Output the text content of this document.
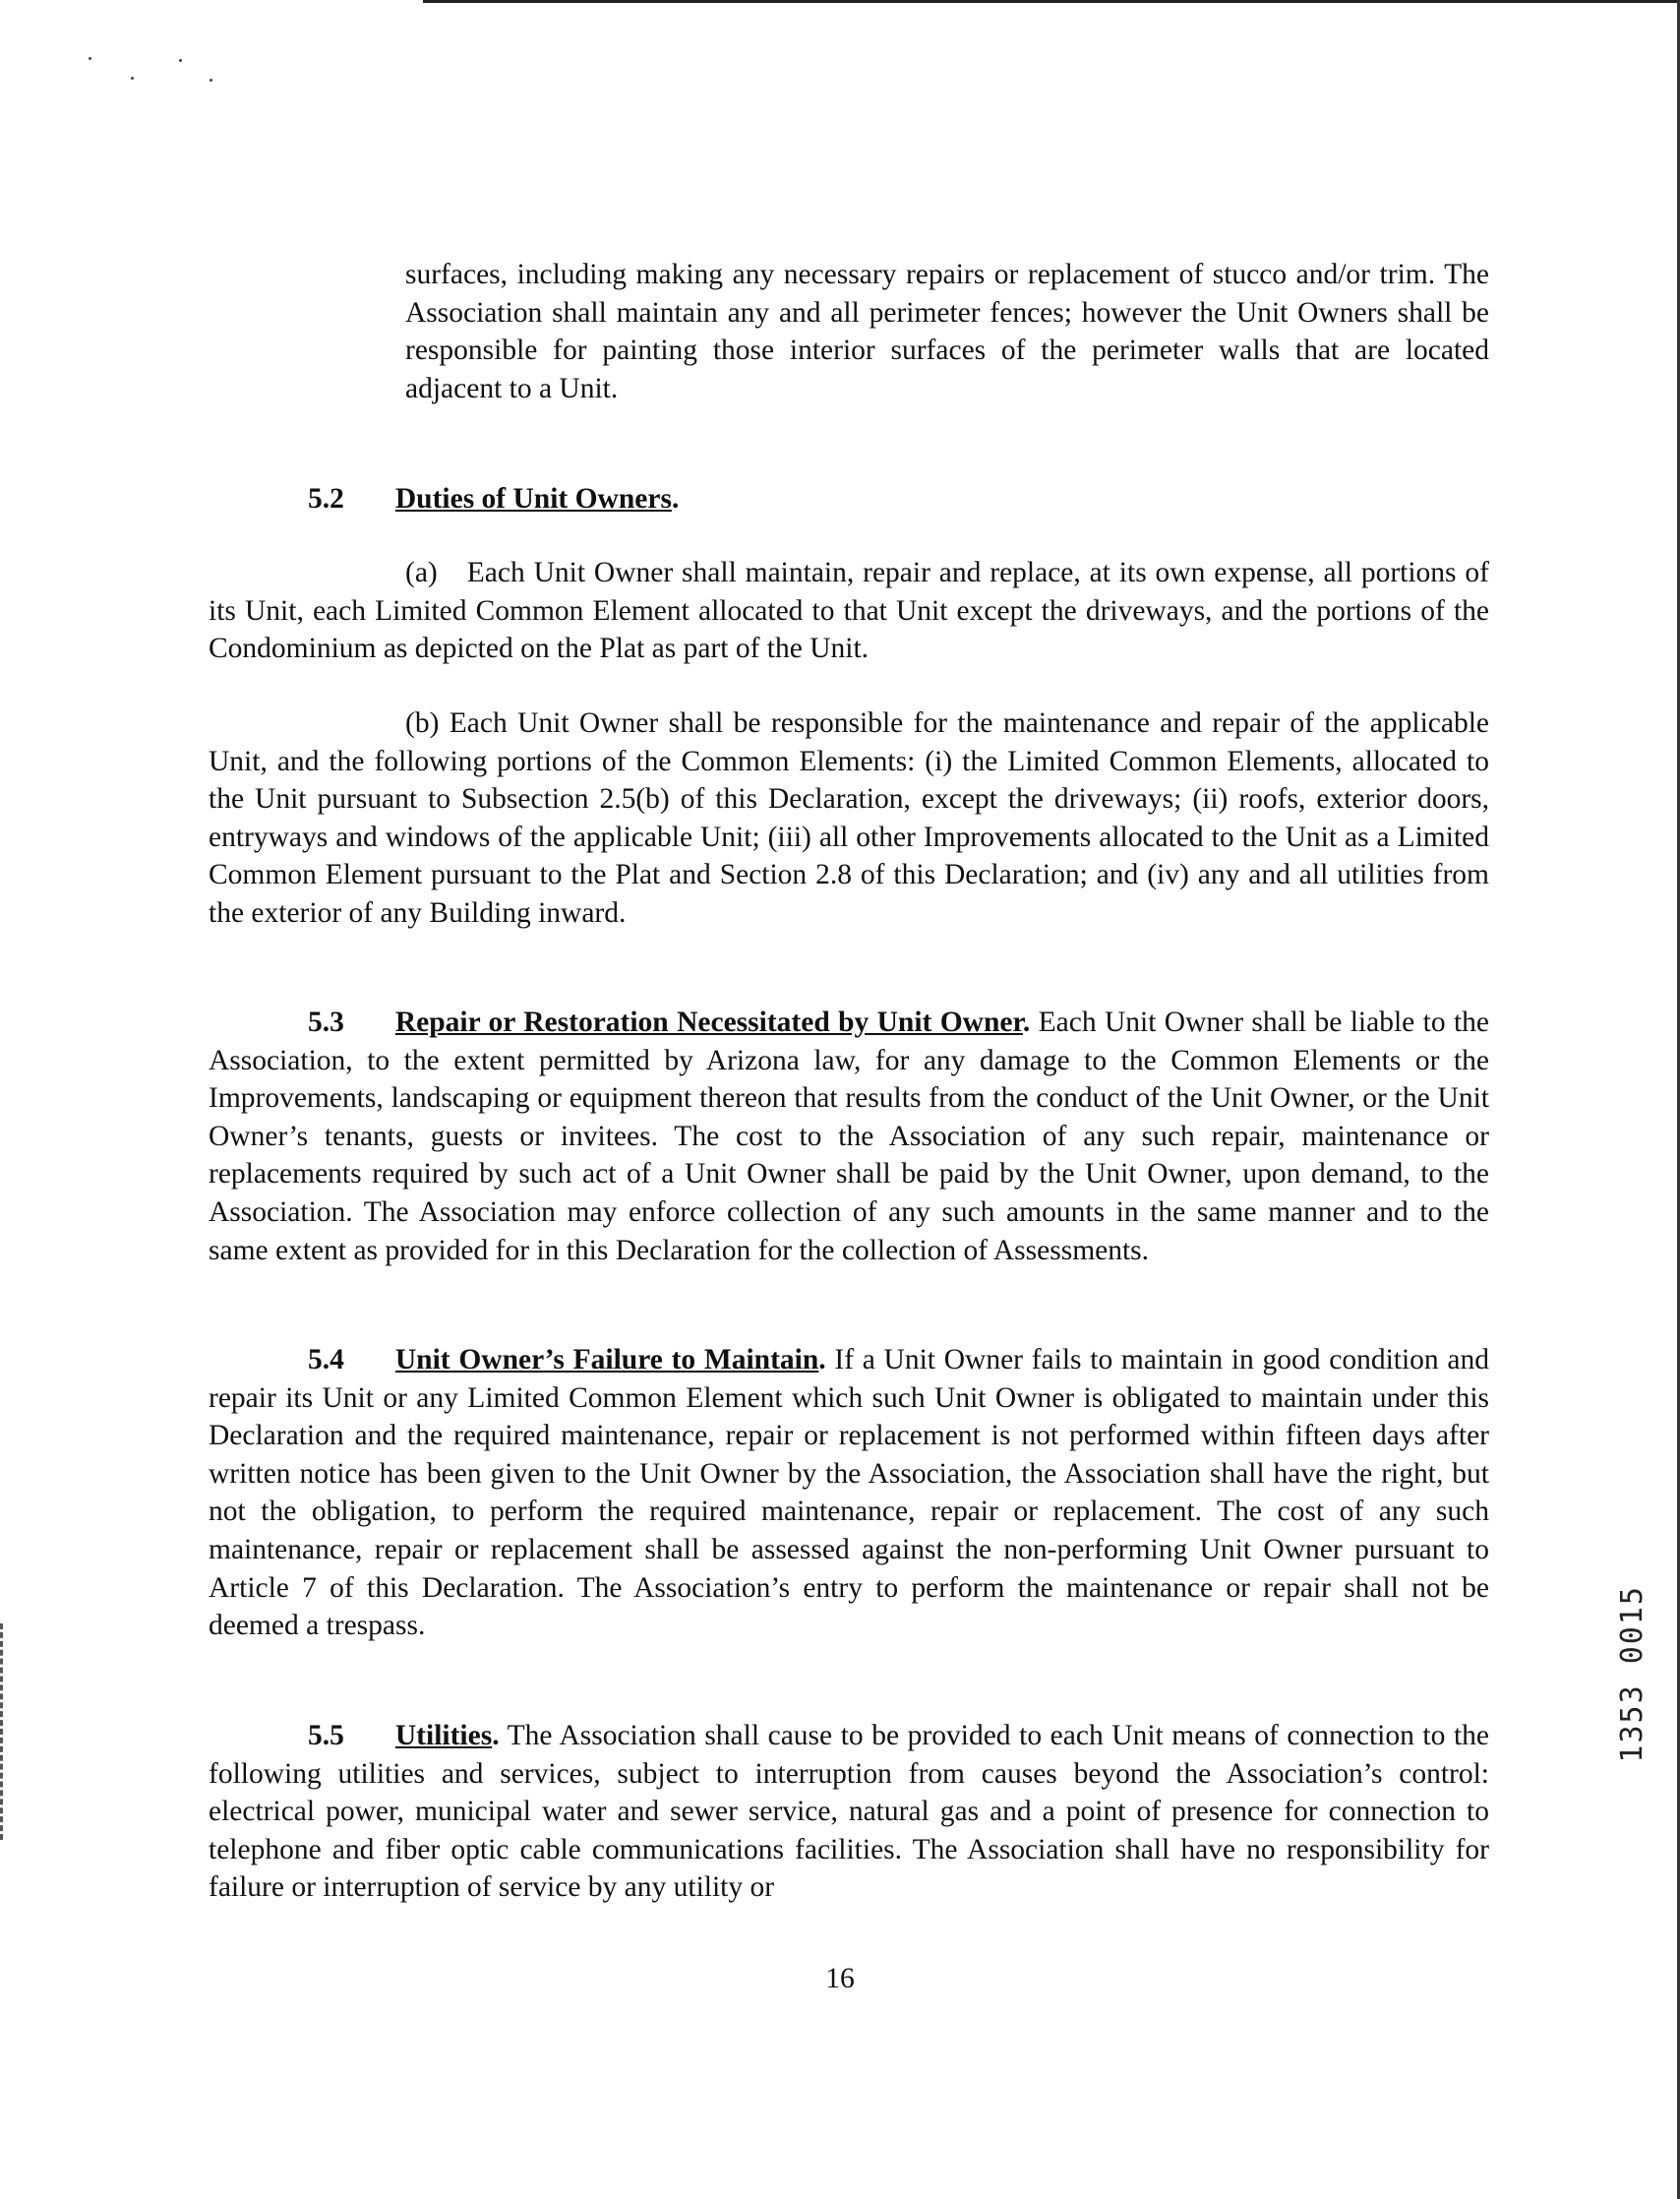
surfaces, including making any necessary repairs or replacement of stucco and/or trim. The Association shall maintain any and all perimeter fences; however the Unit Owners shall be responsible for painting those interior surfaces of the perimeter walls that are located adjacent to a Unit.
5.2 Duties of Unit Owners.
(a) Each Unit Owner shall maintain, repair and replace, at its own expense, all portions of its Unit, each Limited Common Element allocated to that Unit except the driveways, and the portions of the Condominium as depicted on the Plat as part of the Unit.
(b) Each Unit Owner shall be responsible for the maintenance and repair of the applicable Unit, and the following portions of the Common Elements: (i) the Limited Common Elements, allocated to the Unit pursuant to Subsection 2.5(b) of this Declaration, except the driveways; (ii) roofs, exterior doors, entryways and windows of the applicable Unit; (iii) all other Improvements allocated to the Unit as a Limited Common Element pursuant to the Plat and Section 2.8 of this Declaration; and (iv) any and all utilities from the exterior of any Building inward.
5.3 Repair or Restoration Necessitated by Unit Owner. Each Unit Owner shall be liable to the Association, to the extent permitted by Arizona law, for any damage to the Common Elements or the Improvements, landscaping or equipment thereon that results from the conduct of the Unit Owner, or the Unit Owner’s tenants, guests or invitees. The cost to the Association of any such repair, maintenance or replacements required by such act of a Unit Owner shall be paid by the Unit Owner, upon demand, to the Association. The Association may enforce collection of any such amounts in the same manner and to the same extent as provided for in this Declaration for the collection of Assessments.
5.4 Unit Owner’s Failure to Maintain. If a Unit Owner fails to maintain in good condition and repair its Unit or any Limited Common Element which such Unit Owner is obligated to maintain under this Declaration and the required maintenance, repair or replacement is not performed within fifteen days after written notice has been given to the Unit Owner by the Association, the Association shall have the right, but not the obligation, to perform the required maintenance, repair or replacement. The cost of any such maintenance, repair or replacement shall be assessed against the non-performing Unit Owner pursuant to Article 7 of this Declaration. The Association’s entry to perform the maintenance or repair shall not be deemed a trespass.
5.5 Utilities. The Association shall cause to be provided to each Unit means of connection to the following utilities and services, subject to interruption from causes beyond the Association’s control: electrical power, municipal water and sewer service, natural gas and a point of presence for connection to telephone and fiber optic cable communications facilities. The Association shall have no responsibility for failure or interruption of service by any utility or
16
1353 0015
